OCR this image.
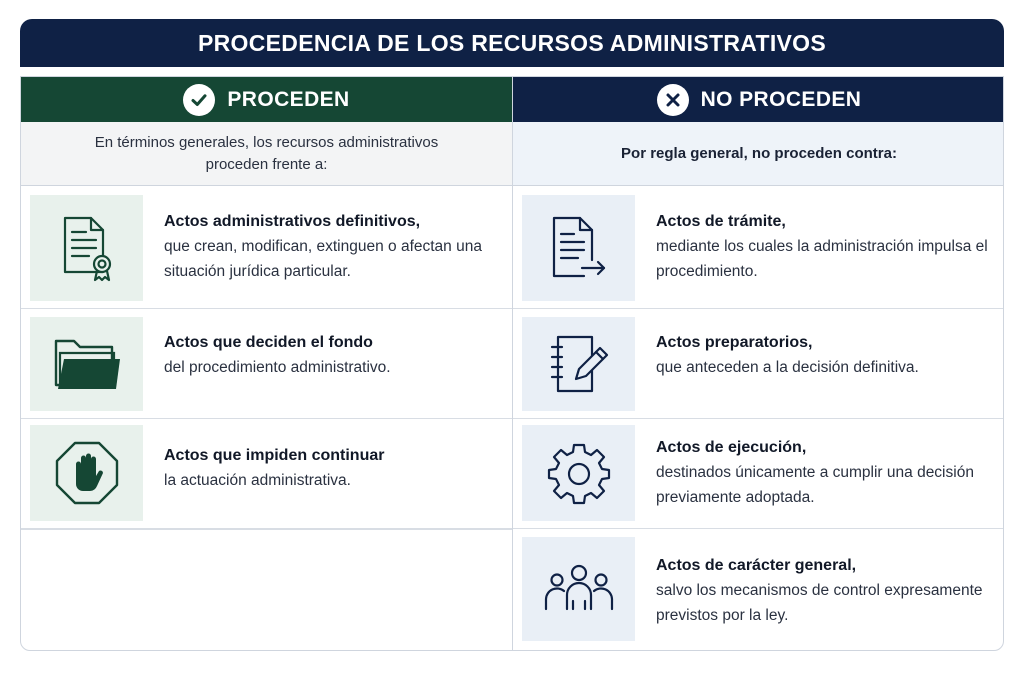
PROCEDENCIA DE LOS RECURSOS ADMINISTRATIVOS
PROCEDEN
En términos generales, los recursos administrativos proceden frente a:
Actos administrativos definitivos,
que crean, modifican, extinguen o afectan una situación jurídica particular.
Actos que deciden el fondo
del procedimiento administrativo.
Actos que impiden continuar
la actuación administrativa.
NO PROCEDEN
Por regla general, no proceden contra:
Actos de trámite,
mediante los cuales la administración impulsa el procedimiento.
Actos preparatorios,
que anteceden a la decisión definitiva.
Actos de ejecución,
destinados únicamente a cumplir una decisión previamente adoptada.
Actos de carácter general,
salvo los mecanismos de control expresamente previstos por la ley.
